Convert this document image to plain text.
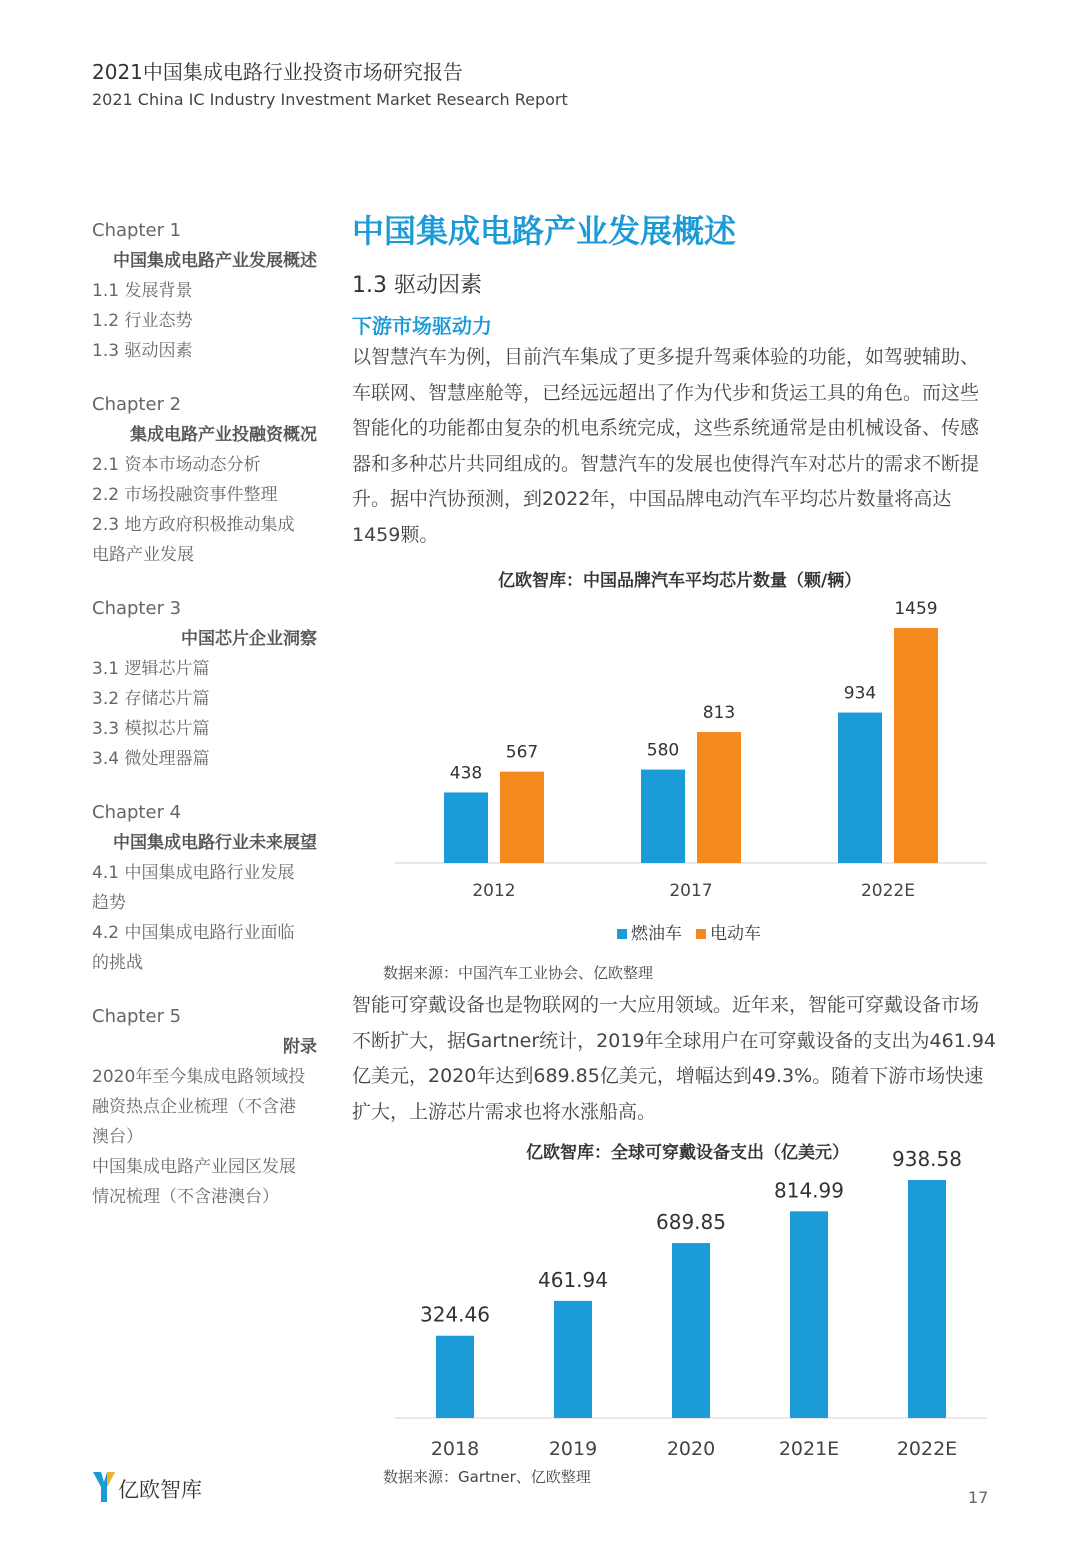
2021中国集成电路行业投资市场研究报告
2021 China IC Industry Investment Market Research Report
Chapter 1
中国集成电路产业发展概述
1.1 发展背景
1.2 行业态势
1.3 驱动因素
Chapter 2
集成电路产业投融资概况
2.1 资本市场动态分析
2.2 市场投融资事件整理
2.3 地方政府积极推动集成
电路产业发展
Chapter 3
中国芯片企业洞察
3.1 逻辑芯片篇
3.2 存储芯片篇
3.3 模拟芯片篇
3.4 微处理器篇
Chapter 4
中国集成电路行业未来展望
4.1 中国集成电路行业发展
趋势
4.2 中国集成电路行业面临
的挑战
Chapter 5
附录
2020年至今集成电路领域投
融资热点企业梳理（不含港
澳台）
中国集成电路产业园区发展
情况梳理（不含港澳台）
中国集成电路产业发展概述
1.3 驱动因素
下游市场驱动力
以智慧汽车为例，目前汽车集成了更多提升驾乘体验的功能，如驾驶辅助、车联网、智慧座舱等，已经远远超出了作为代步和货运工具的角色。而这些智能化的功能都由复杂的机电系统完成，这些系统通常是由机械设备、传感器和多种芯片共同组成的。智慧汽车的发展也使得汽车对芯片的需求不断提升。据中汽协预测，到2022年，中国品牌电动汽车平均芯片数量将高达1459颗。
亿欧智库：中国品牌汽车平均芯片数量（颗/辆）
438
567
2012
580
813
2017
934
1459
2022E
燃油车 电动车
数据来源：中国汽车工业协会、亿欧整理
智能可穿戴设备也是物联网的一大应用领域。近年来，智能可穿戴设备市场不断扩大，据Gartner统计，2019年全球用户在可穿戴设备的支出为461.94亿美元，2020年达到689.85亿美元，增幅达到49.3%。随着下游市场快速扩大，上游芯片需求也将水涨船高。
亿欧智库：全球可穿戴设备支出（亿美元）
324.46
2018
461.94
2019
689.85
2020
814.99
2021E
938.58
2022E
数据来源：Gartner、亿欧整理
亿欧智库	17
